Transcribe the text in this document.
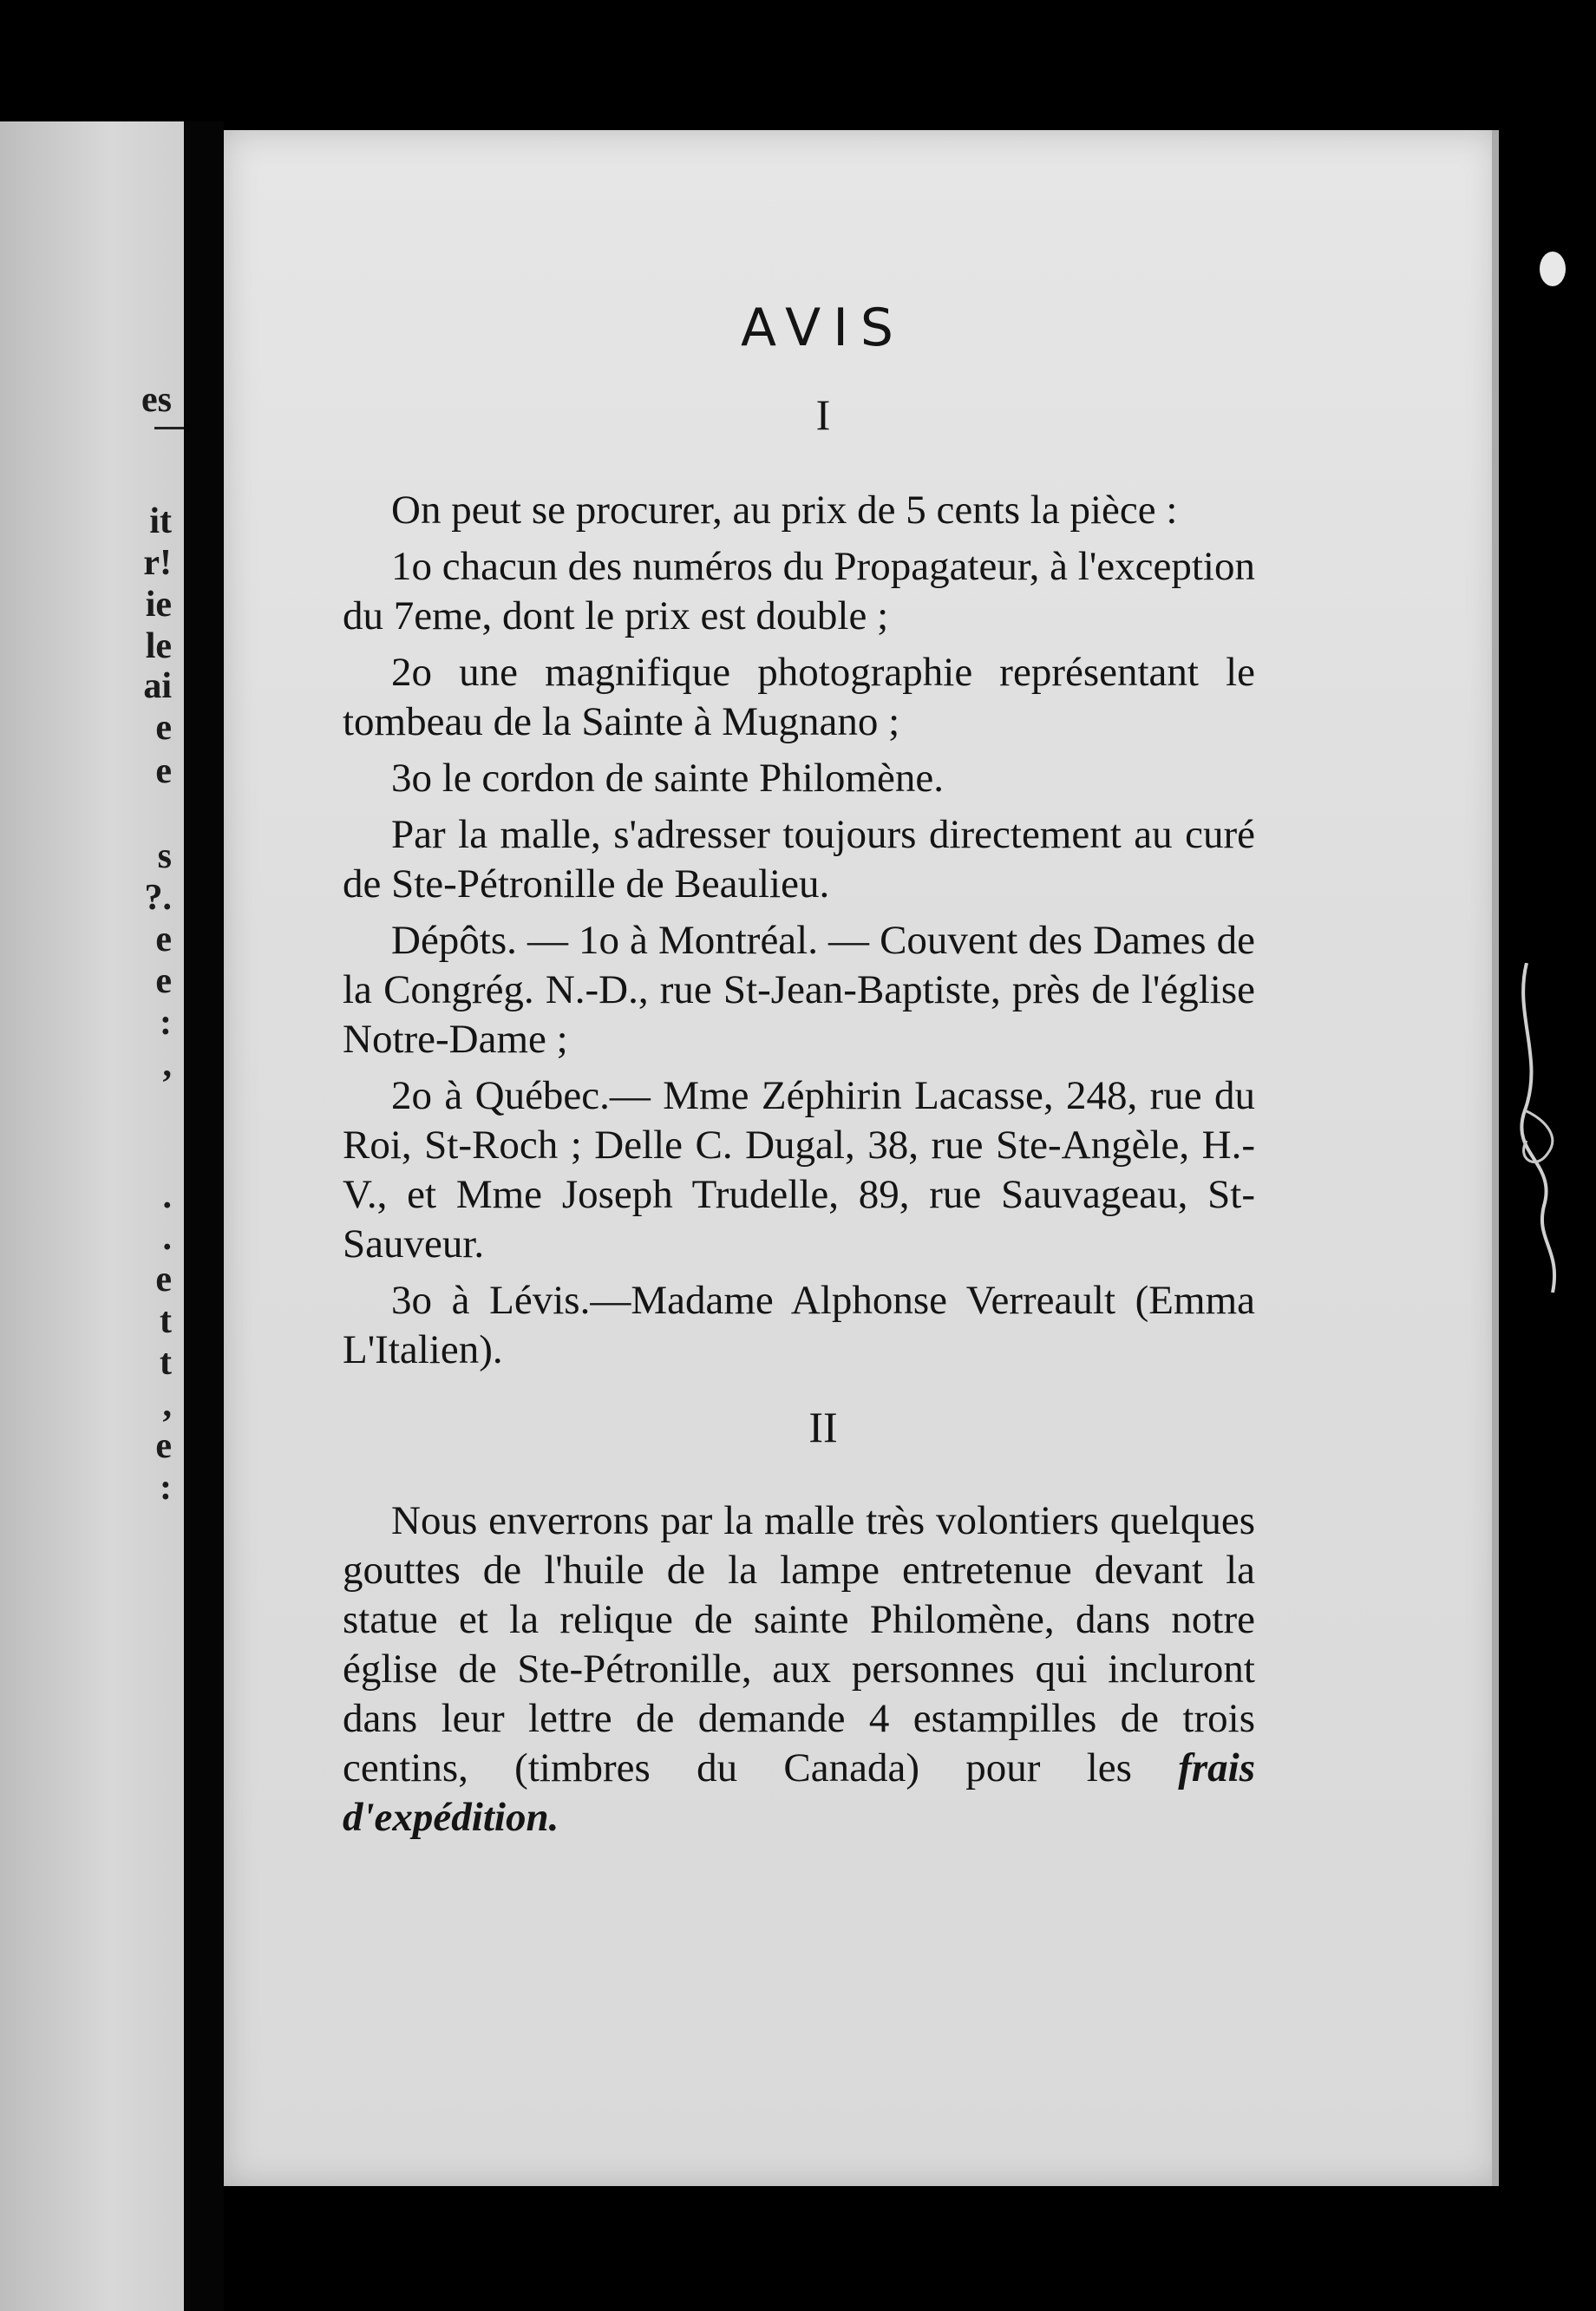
es
it
r!
ie
le
ai
e
e
s
?.
e
e
:
,
.
.
e
t
t
,
e
:
AVIS
I

On peut se procurer, au prix de 5 cents la pièce :

1o chacun des numéros du Propagateur, à l'exception du 7eme, dont le prix est double ;

2o une magnifique photographie représentant le tombeau de la Sainte à Mugnano ;

3o le cordon de sainte Philomène.

Par la malle, s'adresser toujours directement au curé de Ste-Pétronille de Beaulieu.

Dépôts. — 1o à Montréal. — Couvent des Dames de la Congrég. N.-D., rue St-Jean-Baptiste, près de l'église Notre-Dame ;

2o à Québec.— Mme Zéphirin Lacasse, 248, rue du Roi, St-Roch ; Delle C. Dugal, 38, rue Ste-Angèle, H.-V., et Mme Joseph Trudelle, 89, rue Sauvageau, St-Sauveur.

3o à Lévis.—Madame Alphonse Verreault (Emma L'Italien).

II

Nous enverrons par la malle très volontiers quelques gouttes de l'huile de la lampe entretenue devant la statue et la relique de sainte Philomène, dans notre église de Ste-Pétronille, aux personnes qui incluront dans leur lettre de demande 4 estampilles de trois centins, (timbres du Canada) pour les frais d'expédition.
